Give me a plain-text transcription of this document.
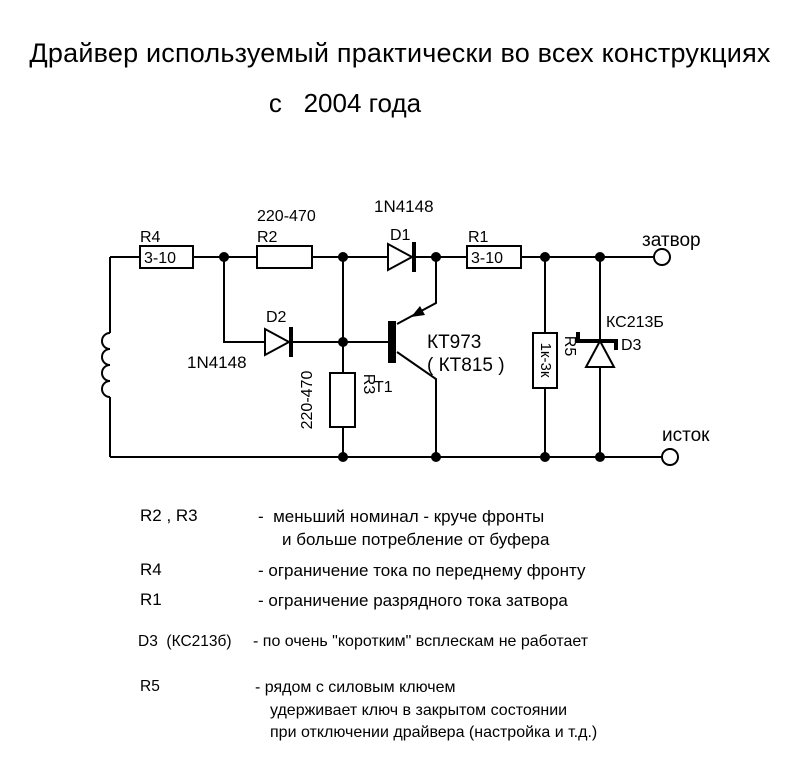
Драйвер используемый практически во всех конструкциях
с   2004 года
R4
3-10
220-470
R2	R1
3-10
220-470	R3
1к-3к R5
1N4148
D1
D2
1N4148
КС213Б
D3
T1
КТ973
( КТ815 )
затвор
исток
R2 , R3	-  меньший номинал - круче фронты
и больше потребление от буфера
R4	- ограничение тока по переднему фронту
R1	- ограничение разрядного тока затвора
D3  (КС213б) - по очень "коротким" всплескам не работает
R5	- рядом с силовым ключем
удерживает ключ в закрытом состоянии
при отключении драйвера (настройка и т.д.)
